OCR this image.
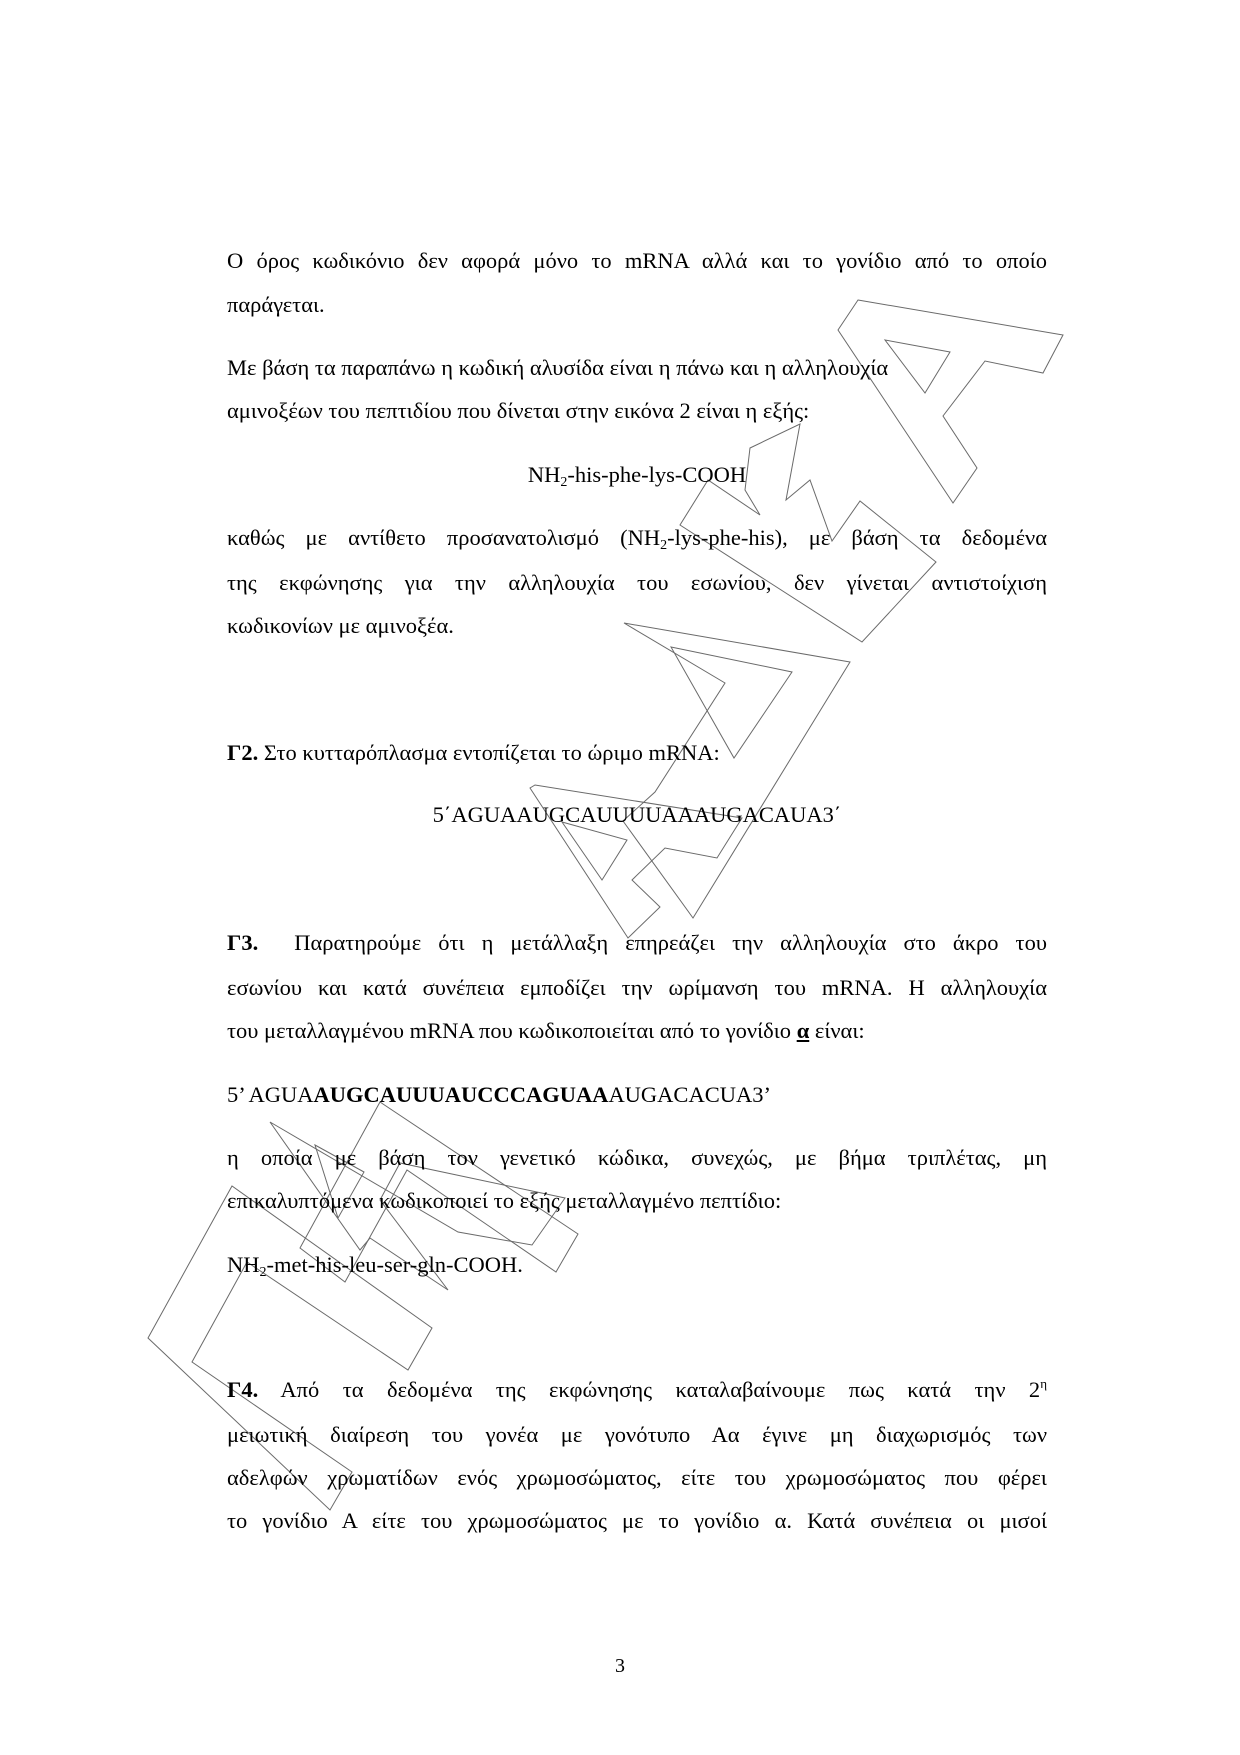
Ο όρος κωδικόνιο δεν αφορά μόνο το mRNA αλλά και το γονίδιο από το οποίο
παράγεται.
Με βάση τα παραπάνω η κωδική αλυσίδα είναι η πάνω και η αλληλουχία
αμινοξέων του πεπτιδίου που δίνεται στην εικόνα 2 είναι η εξής:
$NH_2-his-phe-lys$-COOH
καθώς με αντίθετο προσανατολισμό $(NH_2-lys-phe-his)$, με βάση τα δεδομένα
της εκφώνησης για την αλληλουχία του εσωνίου, δεν γίνεται αντιστοίχιση
κωδικονίων με αμινοξέα.
Γ2. Στο κυτταρόπλασμα εντοπίζεται το ώριμο mRNA:
5΄AGUAAUGCAUUUUAAAUGACAUA3΄
Γ3. Παρατηρούμε ότι η μετάλλαξη επηρεάζει την αλληλουχία στο άκρο του
εσωνίου και κατά συνέπεια εμποδίζει την ωρίμανση του mRNA. Η αλληλουχία
του μεταλλαγμένου mRNA που κωδικοποιείται από το γονίδιο α είναι:
5’ AGUAAUGCAUUUAUCCCAGUAAAUGACACUA3’
η οποία με βάση τον γενετικό κώδικα, συνεχώς, με βήμα τριπλέτας, μη
επικαλυπτόμενα κωδικοποιεί το εξής μεταλλαγμένο πεπτίδιο:
$NH_2-met-his-leu-ser-gln$-COOH.
Γ4. Από τα δεδομένα της εκφώνησης καταλαβαίνουμε πως κατά την $2^\eta$
μειωτική διαίρεση του γονέα με γονότυπο Αα έγινε μη διαχωρισμός των
αδελφών χρωματίδων ενός χρωμοσώματος, είτε του χρωμοσώματος που φέρει
το γονίδιο Α είτε του χρωμοσώματος με το γονίδιο α. Κατά συνέπεια οι μισοί
3
